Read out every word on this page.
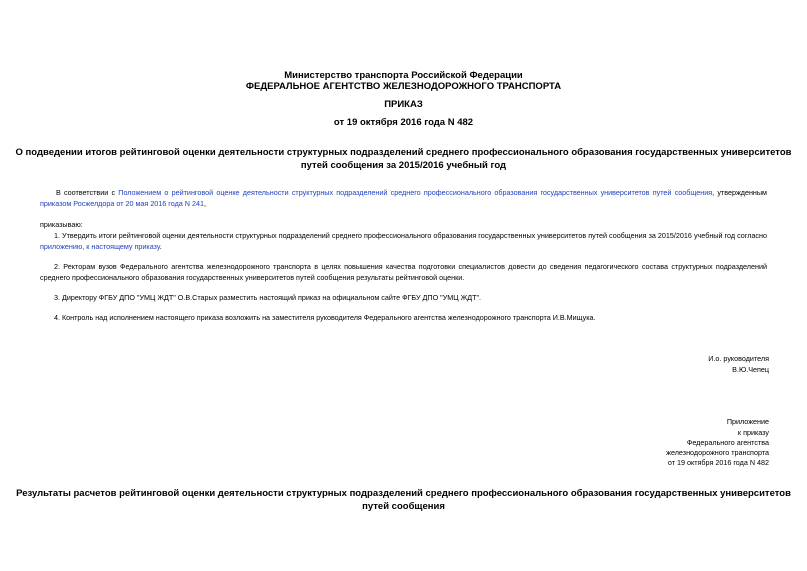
Министерство транспорта Российской Федерации
ФЕДЕРАЛЬНОЕ АГЕНТСТВО ЖЕЛЕЗНОДОРОЖНОГО ТРАНСПОРТА
ПРИКАЗ
от 19 октября 2016 года N 482
О подведении итогов рейтинговой оценки деятельности структурных подразделений среднего профессионального образования государственных университетов
путей сообщения за 2015/2016 учебный год
В соответствии с Положением о рейтинговой оценке деятельности структурных подразделений среднего профессионального образования государственных университетов путей сообщения, утвержденным приказом Росжелдора от 20 мая 2016 года N 241,
приказываю:
1. Утвердить итоги рейтинговой оценки деятельности структурных подразделений среднего профессионального образования государственных университетов путей сообщения за 2015/2016 учебный год согласно приложению, к настоящему приказу.
2. Ректорам вузов Федерального агентства железнодорожного транспорта в целях повышения качества подготовки специалистов довести до сведения педагогического состава структурных подразделений
среднего профессионального образования государственных университетов путей сообщения результаты рейтинговой оценки.
3. Директору ФГБУ ДПО "УМЦ ЖДТ" О.В.Старых разместить настоящий приказ на официальном сайте ФГБУ ДПО "УМЦ ЖДТ".
4. Контроль над исполнением настоящего приказа возложить на заместителя руководителя Федерального агентства железнодорожного транспорта И.В.Мищука.
И.о. руководителя
В.Ю.Чепец
Приложение
к приказу
Федерального агентства
железнодорожного транспорта
от 19 октября 2016 года N 482
Результаты расчетов рейтинговой оценки деятельности структурных подразделений среднего профессионального образования государственных университетов
путей сообщения
